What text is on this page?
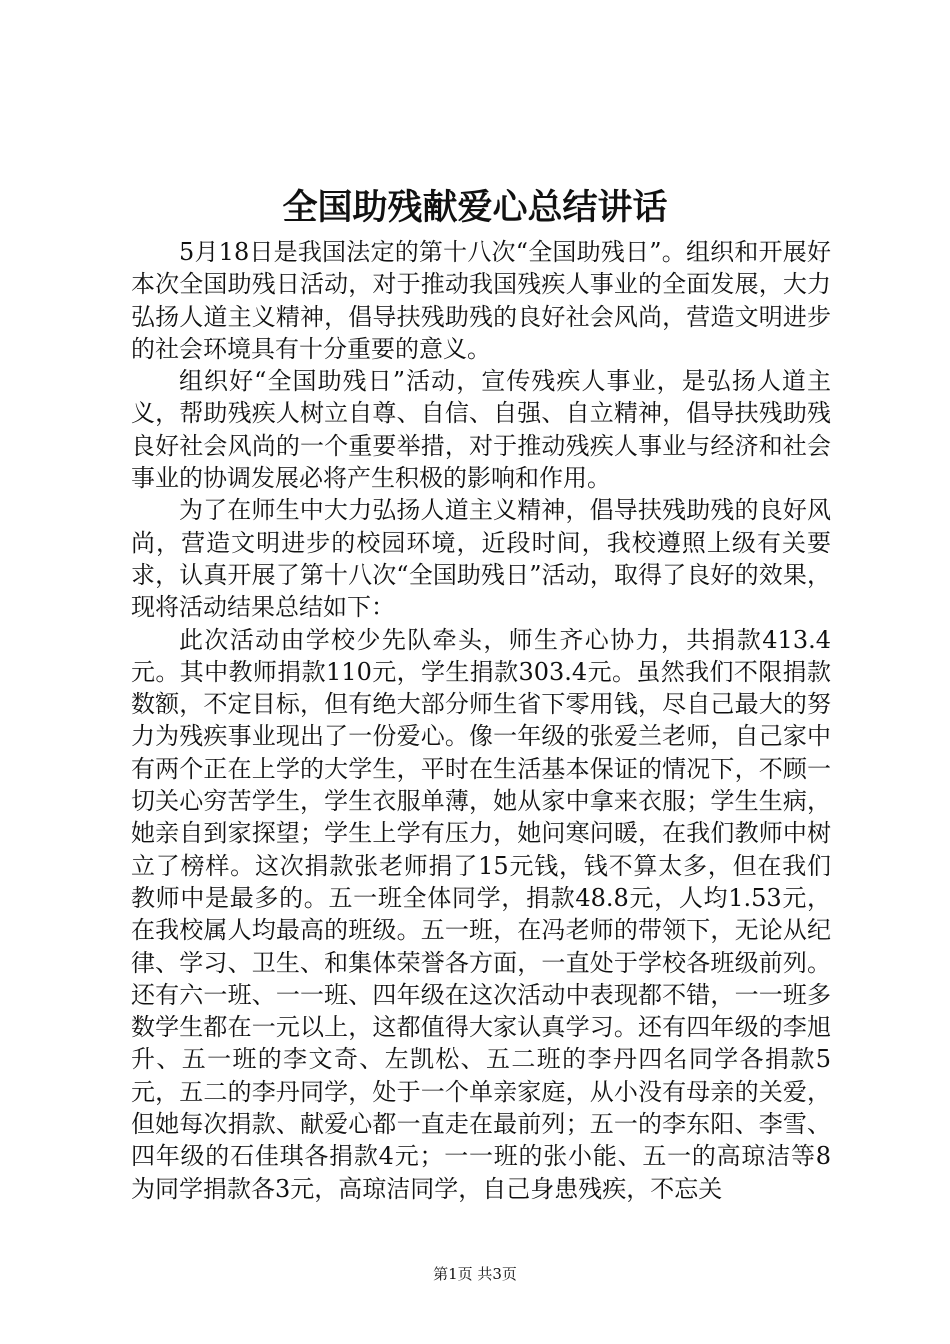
全国助残献爱心总结讲话

5月18日是我国法定的第十八次“全国助残日”。组织和开展好本次全国助残日活动，对于推动我国残疾人事业的全面发展，大力弘扬人道主义精神，倡导扶残助残的良好社会风尚，营造文明进步的社会环境具有十分重要的意义。

组织好“全国助残日”活动，宣传残疾人事业，是弘扬人道主义，帮助残疾人树立自尊、自信、自强、自立精神，倡导扶残助残良好社会风尚的一个重要举措，对于推动残疾人事业与经济和社会事业的协调发展必将产生积极的影响和作用。

为了在师生中大力弘扬人道主义精神，倡导扶残助残的良好风尚，营造文明进步的校园环境，近段时间，我校遵照上级有关要求，认真开展了第十八次“全国助残日”活动，取得了良好的效果，现将活动结果总结如下：

此次活动由学校少先队牵头，师生齐心协力，共捐款413.4元。其中教师捐款110元，学生捐款303.4元。虽然我们不限捐款数额，不定目标，但有绝大部分师生省下零用钱，尽自己最大的努力为残疾事业现出了一份爱心。像一年级的张爱兰老师，自己家中有两个正在上学的大学生，平时在生活基本保证的情况下，不顾一切关心穷苦学生，学生衣服单薄，她从家中拿来衣服；学生生病，她亲自到家探望；学生上学有压力，她问寒问暖，在我们教师中树立了榜样。这次捐款张老师捐了15元钱，钱不算太多，但在我们教师中是最多的。五一班全体同学，捐款48.8元，人均1.53元，在我校属人均最高的班级。五一班，在冯老师的带领下，无论从纪律、学习、卫生、和集体荣誉各方面，一直处于学校各班级前列。还有六一班、一一班、四年级在这次活动中表现都不错，一一班多数学生都在一元以上，这都值得大家认真学习。还有四年级的李旭升、五一班的李文奇、左凯松、五二班的李丹四名同学各捐款5元，五二的李丹同学，处于一个单亲家庭，从小没有母亲的关爱，但她每次捐款、献爱心都一直走在最前列；五一的李东阳、李雪、四年级的石佳琪各捐款4元；一一班的张小能、五一的高琼洁等8为同学捐款各3元，高琼洁同学，自己身患残疾，不忘关

第1页 共3页
